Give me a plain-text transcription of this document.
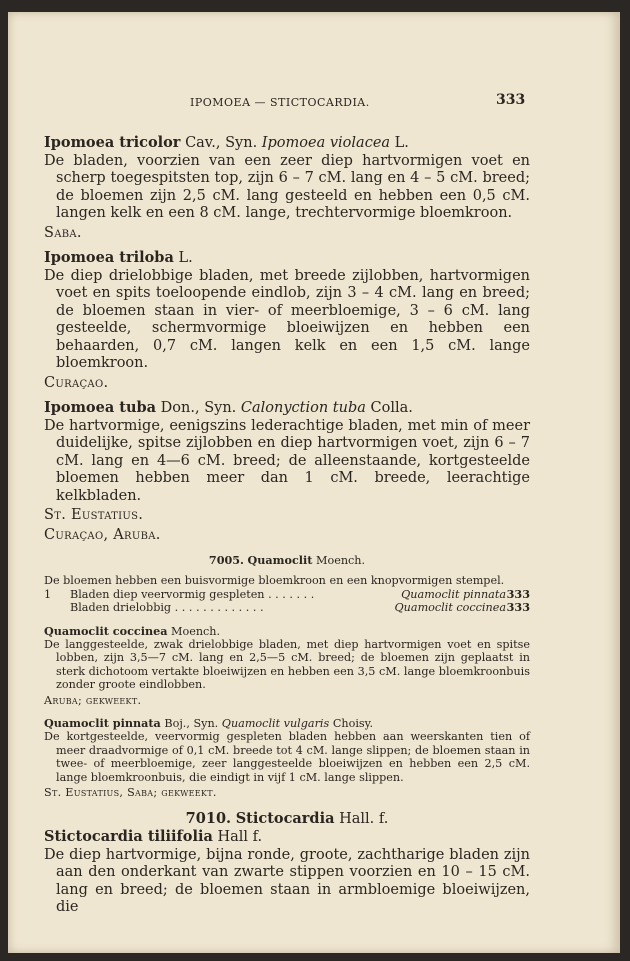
IPOMOEA — STICTOCARDIA.	333

Ipomoea tricolor Cav., Syn. Ipomoea violacea L.

De bladen, voorzien van een zeer diep hartvormigen voet en scherp toegespitsten top, zijn 6 – 7 cM. lang en 4 – 5 cM. breed; de bloemen zijn 2,5 cM. lang gesteeld en hebben een 0,5 cM. langen kelk en een 8 cM. lange, trechtervormige bloemkroon.

Saba.

Ipomoea triloba L.

De diep drielobbige bladen, met breede zijlobben, hartvormigen voet en spits toeloopende eindlob, zijn 3 – 4 cM. lang en breed; de bloemen staan in vier- of meerbloemige, 3 – 6 cM. lang gesteelde, schermvormige bloeiwijzen en hebben een behaarden, 0,7 cM. langen kelk en een 1,5 cM. lange bloemkroon.

Curaçao.

Ipomoea tuba Don., Syn. Calonyction tuba Colla.

De hartvormige, eenigszins lederachtige bladen, met min of meer duidelijke, spitse zijlobben en diep hartvormigen voet, zijn 6 – 7 cM. lang en 4—6 cM. breed; de alleenstaande, kortgesteelde bloemen hebben meer dan 1 cM. breede, leerachtige kelkbladen.

St. Eustatius.

Curaçao, Aruba.

7005. Quamoclit Moench.

De bloemen hebben een buisvormige bloemkroon en een knopvormigen stempel.

1	Bladen diep veervormig gespleten . . . . . . .	Quamoclit pinnata 333
Bladen drielobbig . . . . . . . . . . . . .	Quamoclit coccinea 333

Quamoclit coccinea Moench.

De langgesteelde, zwak drielobbige bladen, met diep hartvormigen voet en spitse lobben, zijn 3,5—7 cM. lang en 2,5—5 cM. breed; de bloemen zijn geplaatst in sterk dichotoom vertakte bloeiwijzen en hebben een 3,5 cM. lange bloemkroonbuis zonder groote eindlobben.

Aruba; gekweekt.

Quamoclit pinnata Boj., Syn. Quamoclit vulgaris Choisy.

De kortgesteelde, veervormig gespleten bladen hebben aan weerskanten tien of meer draadvormige of 0,1 cM. breede tot 4 cM. lange slippen; de bloemen staan in twee- of meerbloemige, zeer langgesteelde bloeiwijzen en hebben een 2,5 cM. lange bloemkroonbuis, die eindigt in vijf 1 cM. lange slippen.

St. Eustatius, Saba; gekweekt.

7010. Stictocardia Hall. f.

Stictocardia tiliifolia Hall f.

De diep hartvormige, bijna ronde, groote, zachtharige bladen zijn aan den onderkant van zwarte stippen voorzien en 10 – 15 cM. lang en breed; de bloemen staan in armbloemige bloeiwijzen, die
